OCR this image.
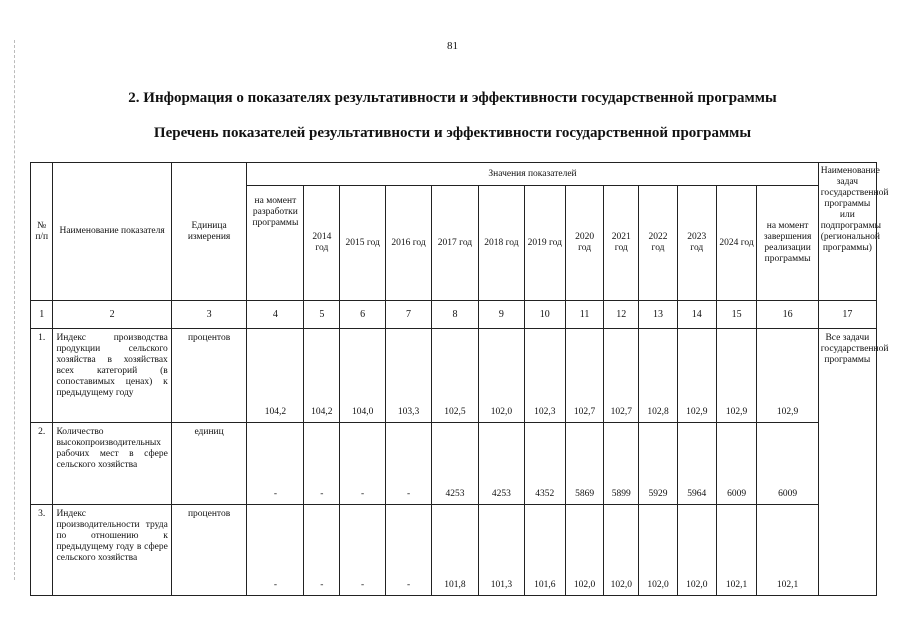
81
2. Информация о показателях результативности и эффективности государственной программы
Перечень показателей результативности и эффективности государственной программы
№ п/п	Наименование показателя	Единица измерения	Значения показателей													Наименование задач государственной программы или подпрограммы (региональной программы)
			на момент разработки программы	2014 год	2015 год	2016 год	2017 год	2018 год	2019 год	2020 год	2021 год	2022 год	2023 год	2024 год	на момент завершения реализации программы	
1	2	3	4	5	6	7	8	9	10	11	12	13	14	15	16	17
1.	Индекс производства продукции сельского хозяйства в хозяйствах всех категорий (в сопоставимых ценах) к предыдущему году	процентов	104,2	104,2	104,0	103,3	102,5	102,0	102,3	102,7	102,7	102,8	102,9	102,9	102,9	Все задачи государственной программы
2.	Количество высокопроизводительных рабочих мест в сфере сельского хозяйства	единиц	-	-	-	-	4253	4253	4352	5869	5899	5929	5964	6009	6009	
3.	Индекс производительности труда по отношению к предыдущему году в сфере сельского хозяйства	процентов	-	-	-	-	101,8	101,3	101,6	102,0	102,0	102,0	102,0	102,1	102,1	
